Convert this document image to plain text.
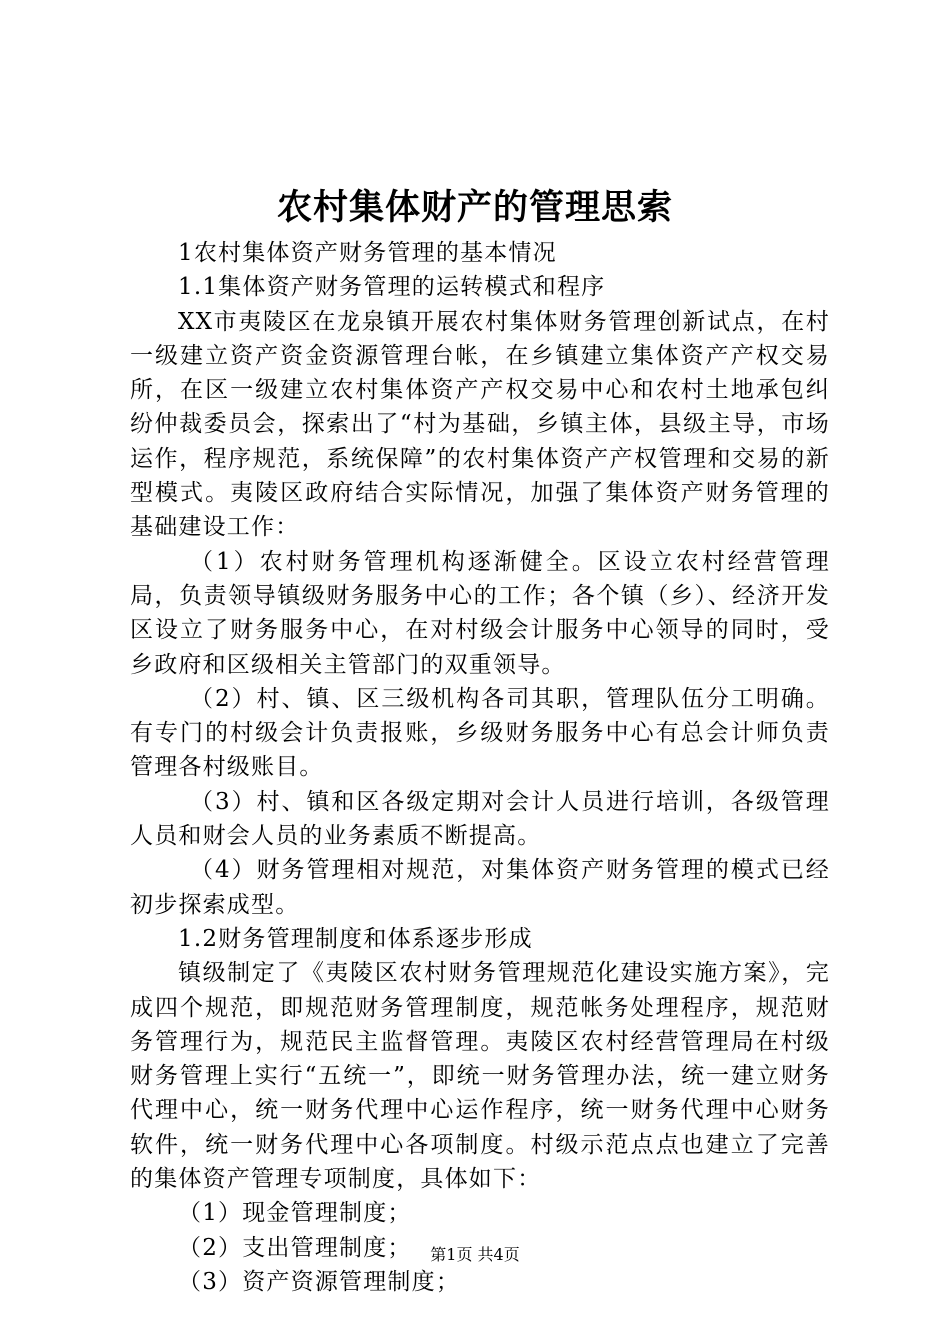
农村集体财产的管理思索

1农村集体资产财务管理的基本情况

1.1集体资产财务管理的运转模式和程序

XX市夷陵区在龙泉镇开展农村集体财务管理创新试点，在村一级建立资产资金资源管理台帐，在乡镇建立集体资产产权交易所，在区一级建立农村集体资产产权交易中心和农村土地承包纠纷仲裁委员会，探索出了“村为基础，乡镇主体，县级主导，市场运作，程序规范，系统保障”的农村集体资产产权管理和交易的新型模式。夷陵区政府结合实际情况，加强了集体资产财务管理的基础建设工作：

（1）农村财务管理机构逐渐健全。区设立农村经营管理局，负责领导镇级财务服务中心的工作；各个镇（乡）、经济开发区设立了财务服务中心，在对村级会计服务中心领导的同时，受乡政府和区级相关主管部门的双重领导。

（2）村、镇、区三级机构各司其职，管理队伍分工明确。有专门的村级会计负责报账，乡级财务服务中心有总会计师负责管理各村级账目。

（3）村、镇和区各级定期对会计人员进行培训，各级管理人员和财会人员的业务素质不断提高。

（4）财务管理相对规范，对集体资产财务管理的模式已经初步探索成型。

1.2财务管理制度和体系逐步形成

镇级制定了《夷陵区农村财务管理规范化建设实施方案》，完成四个规范，即规范财务管理制度，规范帐务处理程序，规范财务管理行为，规范民主监督管理。夷陵区农村经营管理局在村级财务管理上实行“五统一”，即统一财务管理办法，统一建立财务代理中心，统一财务代理中心运作程序，统一财务代理中心财务软件，统一财务代理中心各项制度。村级示范点点也建立了完善的集体资产管理专项制度，具体如下：

（1）现金管理制度；

（2）支出管理制度；

（3）资产资源管理制度；

第1页 共4页
